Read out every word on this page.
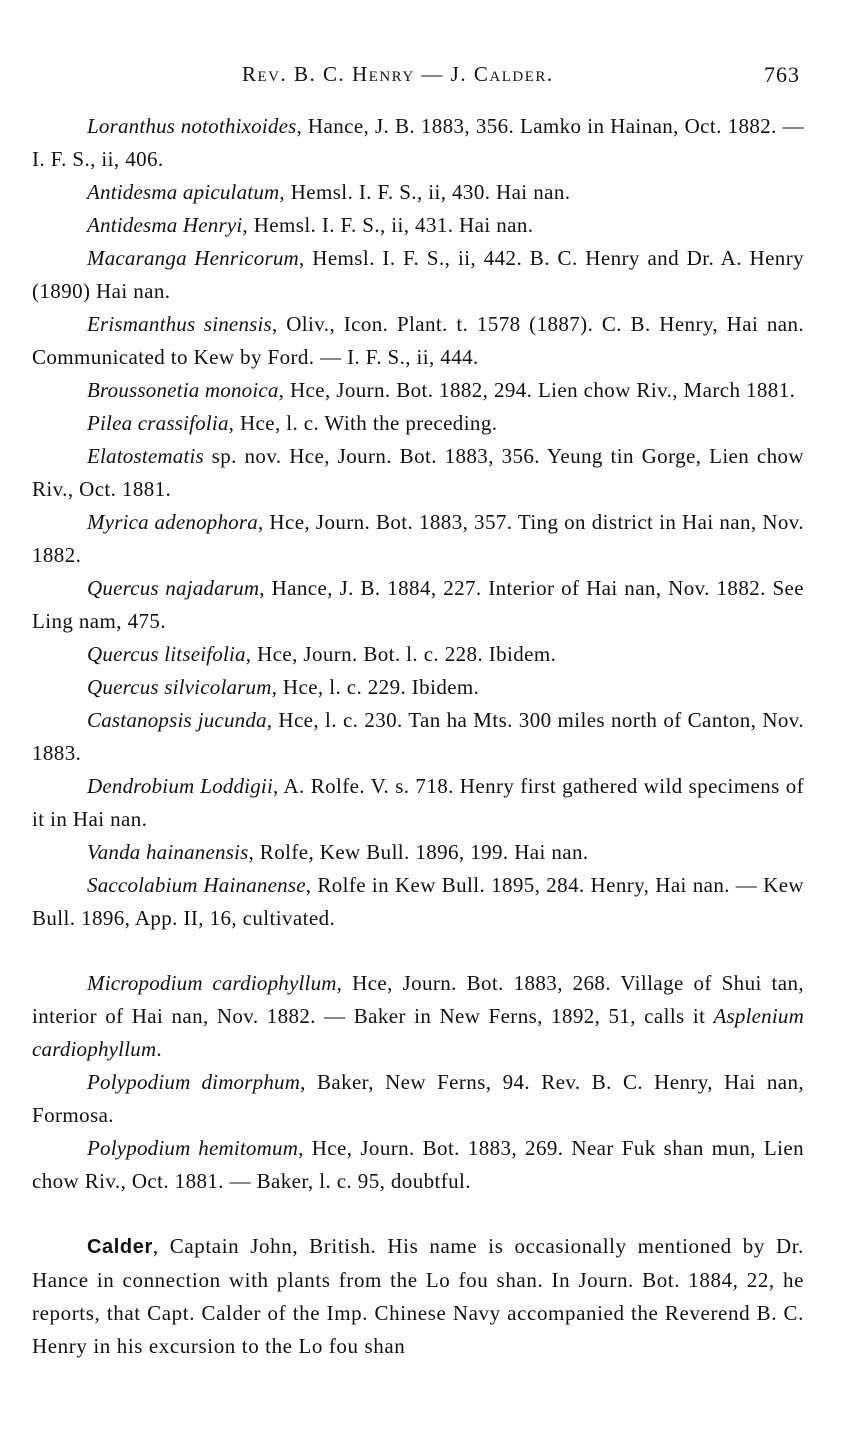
Rev. B. C. Henry — J. Calder.	763

Loranthus notothixoides, Hance, J. B. 1883, 356. Lamko in Hainan, Oct. 1882. — I. F. S., ii, 406.

Antidesma apiculatum, Hemsl. I. F. S., ii, 430. Hai nan.

Antidesma Henryi, Hemsl. I. F. S., ii, 431. Hai nan.

Macaranga Henricorum, Hemsl. I. F. S., ii, 442. B. C. Henry and Dr. A. Henry (1890) Hai nan.

Erismanthus sinensis, Oliv., Icon. Plant. t. 1578 (1887). C. B. Henry, Hai nan. Communicated to Kew by Ford. — I. F. S., ii, 444.

Broussonetia monoica, Hce, Journ. Bot. 1882, 294. Lien chow Riv., March 1881.

Pilea crassifolia, Hce, l. c. With the preceding.

Elatostematis sp. nov. Hce, Journ. Bot. 1883, 356. Yeung tin Gorge, Lien chow Riv., Oct. 1881.

Myrica adenophora, Hce, Journ. Bot. 1883, 357. Ting on district in Hai nan, Nov. 1882.

Quercus najadarum, Hance, J. B. 1884, 227. Interior of Hai nan, Nov. 1882. See Ling nam, 475.

Quercus litseifolia, Hce, Journ. Bot. l. c. 228. Ibidem.

Quercus silvicolarum, Hce, l. c. 229. Ibidem.

Castanopsis jucunda, Hce, l. c. 230. Tan ha Mts. 300 miles north of Canton, Nov. 1883.

Dendrobium Loddigii, A. Rolfe. V. s. 718. Henry first gathered wild specimens of it in Hai nan.

Vanda hainanensis, Rolfe, Kew Bull. 1896, 199. Hai nan.

Saccolabium Hainanense, Rolfe in Kew Bull. 1895, 284. Henry, Hai nan. — Kew Bull. 1896, App. II, 16, cultivated.

Micropodium cardiophyllum, Hce, Journ. Bot. 1883, 268. Village of Shui tan, interior of Hai nan, Nov. 1882. — Baker in New Ferns, 1892, 51, calls it Asplenium cardiophyllum.

Polypodium dimorphum, Baker, New Ferns, 94. Rev. B. C. Henry, Hai nan, Formosa.

Polypodium hemitomum, Hce, Journ. Bot. 1883, 269. Near Fuk shan mun, Lien chow Riv., Oct. 1881. — Baker, l. c. 95, doubtful.

Calder, Captain John, British. His name is occasionally mentioned by Dr. Hance in connection with plants from the Lo fou shan. In Journ. Bot. 1884, 22, he reports, that Capt. Calder of the Imp. Chinese Navy accompanied the Reverend B. C. Henry in his excursion to the Lo fou shan
